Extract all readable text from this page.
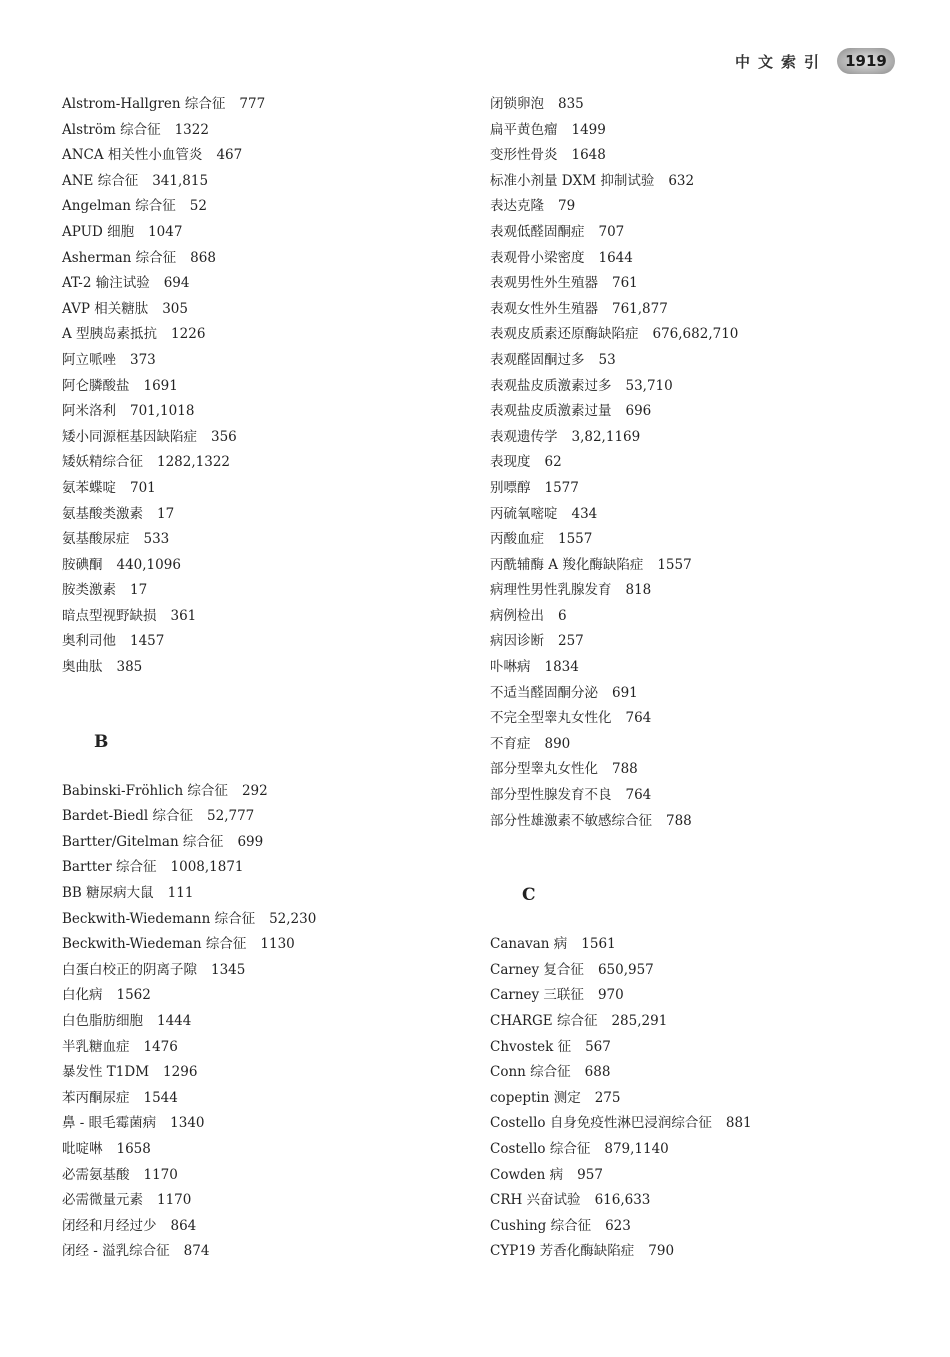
中文索引	1919
Alstrom-Hallgren 综合征 777
Alström 综合征 1322
ANCA 相关性小血管炎 467
ANE 综合征 341,815
Angelman 综合征 52
APUD 细胞 1047
Asherman 综合征 868
AT-2 输注试验 694
AVP 相关糖肽 305
A 型胰岛素抵抗 1226
阿立哌唑 373
阿仑膦酸盐 1691
阿米洛利 701,1018
矮小同源框基因缺陷症 356
矮妖精综合征 1282,1322
氨苯蝶啶 701
氨基酸类激素 17
氨基酸尿症 533
胺碘酮 440,1096
胺类激素 17
暗点型视野缺损 361
奥利司他 1457
奥曲肽 385
B
Babinski-Fröhlich 综合征 292
Bardet-Biedl 综合征 52,777
Bartter/Gitelman 综合征 699
Bartter 综合征 1008,1871
BB 糖尿病大鼠 111
Beckwith-Wiedemann 综合征 52,230
Beckwith-Wiedeman 综合征 1130
白蛋白校正的阴离子隙 1345
白化病 1562
白色脂肪细胞 1444
半乳糖血症 1476
暴发性 T1DM 1296
苯丙酮尿症 1544
鼻 - 眼毛霉菌病 1340
吡啶啉 1658
必需氨基酸 1170
必需微量元素 1170
闭经和月经过少 864
闭经 - 溢乳综合征 874
闭锁卵泡 835
扁平黄色瘤 1499
变形性骨炎 1648
标准小剂量 DXM 抑制试验 632
表达克隆 79
表观低醛固酮症 707
表观骨小梁密度 1644
表观男性外生殖器 761
表观女性外生殖器 761,877
表观皮质素还原酶缺陷症 676,682,710
表观醛固酮过多 53
表观盐皮质激素过多 53,710
表观盐皮质激素过量 696
表观遗传学 3,82,1169
表现度 62
别嘌醇 1577
丙硫氧嘧啶 434
丙酸血症 1557
丙酰辅酶 A 羧化酶缺陷症 1557
病理性男性乳腺发育 818
病例检出 6
病因诊断 257
卟啉病 1834
不适当醛固酮分泌 691
不完全型睾丸女性化 764
不育症 890
部分型睾丸女性化 788
部分型性腺发育不良 764
部分性雄激素不敏感综合征 788
C
Canavan 病 1561
Carney 复合征 650,957
Carney 三联征 970
CHARGE 综合征 285,291
Chvostek 征 567
Conn 综合征 688
copeptin 测定 275
Costello 自身免疫性淋巴浸润综合征 881
Costello 综合征 879,1140
Cowden 病 957
CRH 兴奋试验 616,633
Cushing 综合征 623
CYP19 芳香化酶缺陷症 790
